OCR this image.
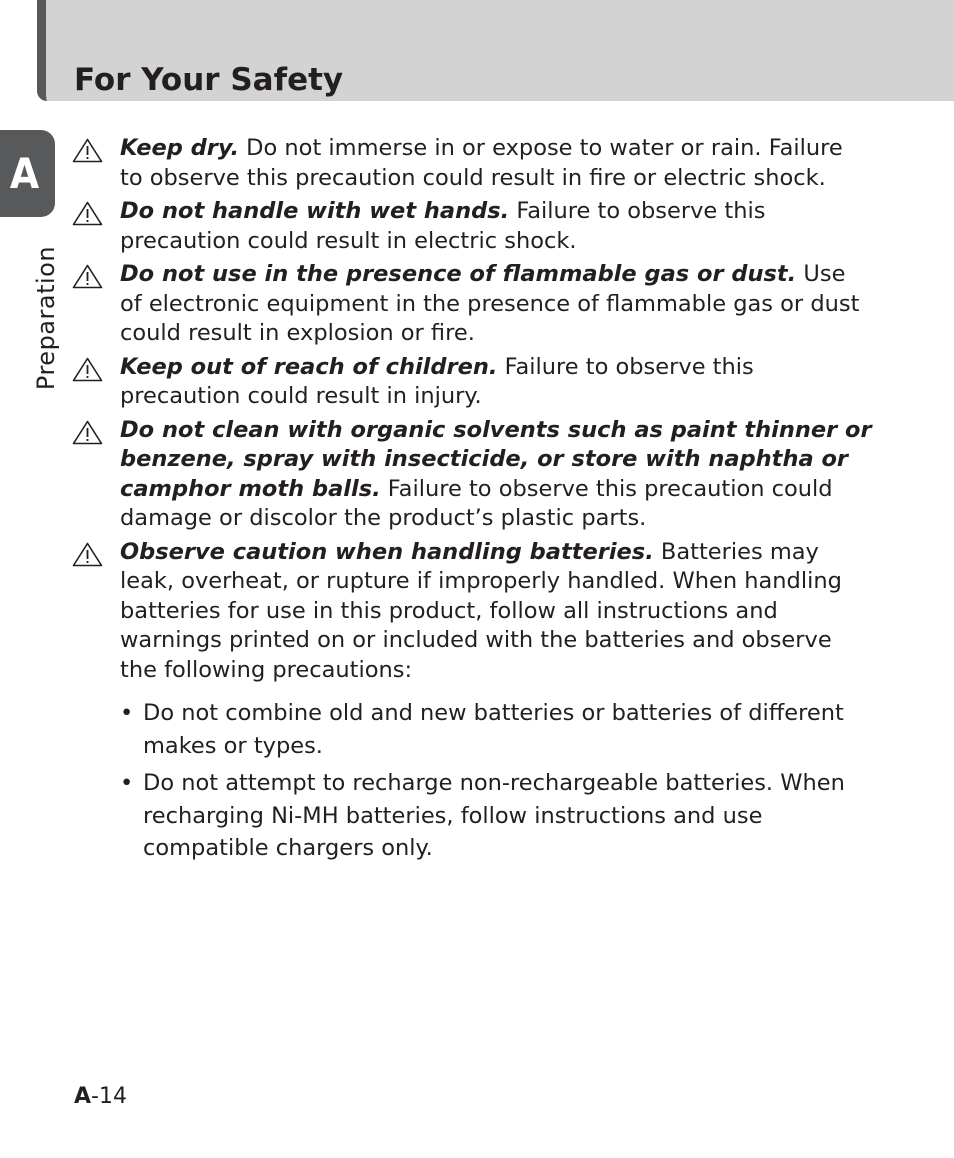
For Your Safety
A
Preparation
Keep dry. Do not immerse in or expose to water or rain. Failure to observe this precaution could result in fire or electric shock.
Do not handle with wet hands. Failure to observe this precaution could result in electric shock.
Do not use in the presence of flammable gas or dust. Use of electronic equipment in the presence of flammable gas or dust could result in explosion or fire.
Keep out of reach of children. Failure to observe this precaution could result in injury.
Do not clean with organic solvents such as paint thinner or benzene, spray with insecticide, or store with naphtha or camphor moth balls. Failure to observe this precaution could damage or discolor the product’s plastic parts.
Observe caution when handling batteries. Batteries may leak, overheat, or rupture if improperly handled. When handling batteries for use in this product, follow all instructions and warnings printed on or included with the batteries and observe the following precautions:
• Do not combine old and new batteries or batteries of different makes or types.
• Do not attempt to recharge non-rechargeable batteries. When recharging Ni-MH batteries, follow instructions and use compatible chargers only.
A-14
